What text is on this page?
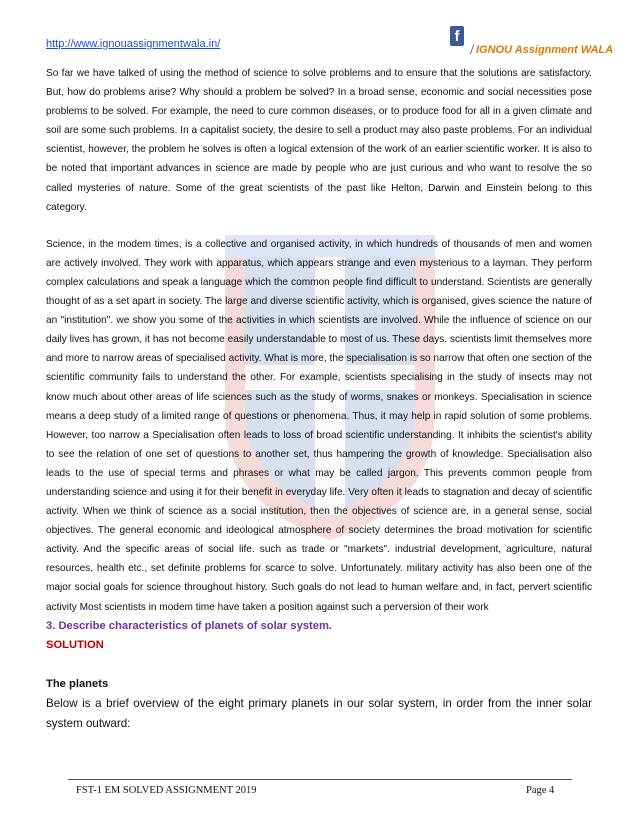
http://www.ignouassignmentwala.in/	f
/ IGNOU Assignment WALA

So far we have talked of using the method of science to solve problems and to ensure that the solutions are satisfactory. But, how do problems arise? Why should a problem be solved? In a broad sense, economic and social necessities pose problems to be solved. For example, the need to cure common diseases, or to produce food for all in a given climate and soil are some such problems. In a capitalist society, the desire to sell a product may also paste problems. For an individual scientist, however, the problem he solves is often a logical extension of the work of an earlier scientific worker. It is also to be noted that important advances in science are made by people who are just curious and who want to resolve the so called mysteries of nature. Some of the great scientists of the past like Helton, Darwin and Einstein belong to this category.

Science, in the modem times, is a collective and organised activity, in which hundreds of thousands of men and women are actively involved. They work with apparatus, which appears strange and even mysterious to a layman. They perform complex calculations and speak a language which the common people find difficult to understand. Scientists are generally thought of as a set apart in society. The large and diverse scientific activity, which is organised, gives science the nature of an "institution". we show you some of the activities in which scientists are involved. While the influence of science on our daily lives has grown, it has not become easily understandable to most of us. These days. scientists limit themselves more and more to narrow areas of specialised activity. What is more, the specialisation is so narrow that often one section of the scientific community fails to understand the other. For example, scientists specialising in the study of insects may not know much about other areas of life sciences such as the study of worms, snakes or monkeys. Specialisation in science means a deep study of a limited range of questions or phenomena. Thus, it may help in rapid solution of some problems. However, too narrow a Specialisation often leads to loss of broad scientific understanding. It inhibits the scientist's ability to see the relation of one set of questions to another set, thus hampering the growth of knowledge. Specialisation also leads to the use of special terms and phrases or what may be called jargon. This prevents common people from understanding science and using it for their benefit in everyday life. Very often it leads to stagnation and decay of scientific activity. When we think of science as a social institution, then the objectives of science are, in a general sense, social objectives. The general economic and ideological atmosphere of society determines the broad motivation for scientific activity. And the specific areas of social life. such as trade or "markets". industrial development, agriculture, natural resources, health etc., set definite problems for scarce to solve. Unfortunately. military activity has also been one of the major social goals for science throughout history. Such goals do not lead to human welfare and, in fact, pervert scientific activity Most scientists in modem time have taken a position against such a perversion of their work

3. Describe characteristics of planets of solar system.

SOLUTION

The planets

Below is a brief overview of the eight primary planets in our solar system, in order from the inner solar system outward:

FST-1 EM SOLVED ASSIGNMENT 2019	Page 4
